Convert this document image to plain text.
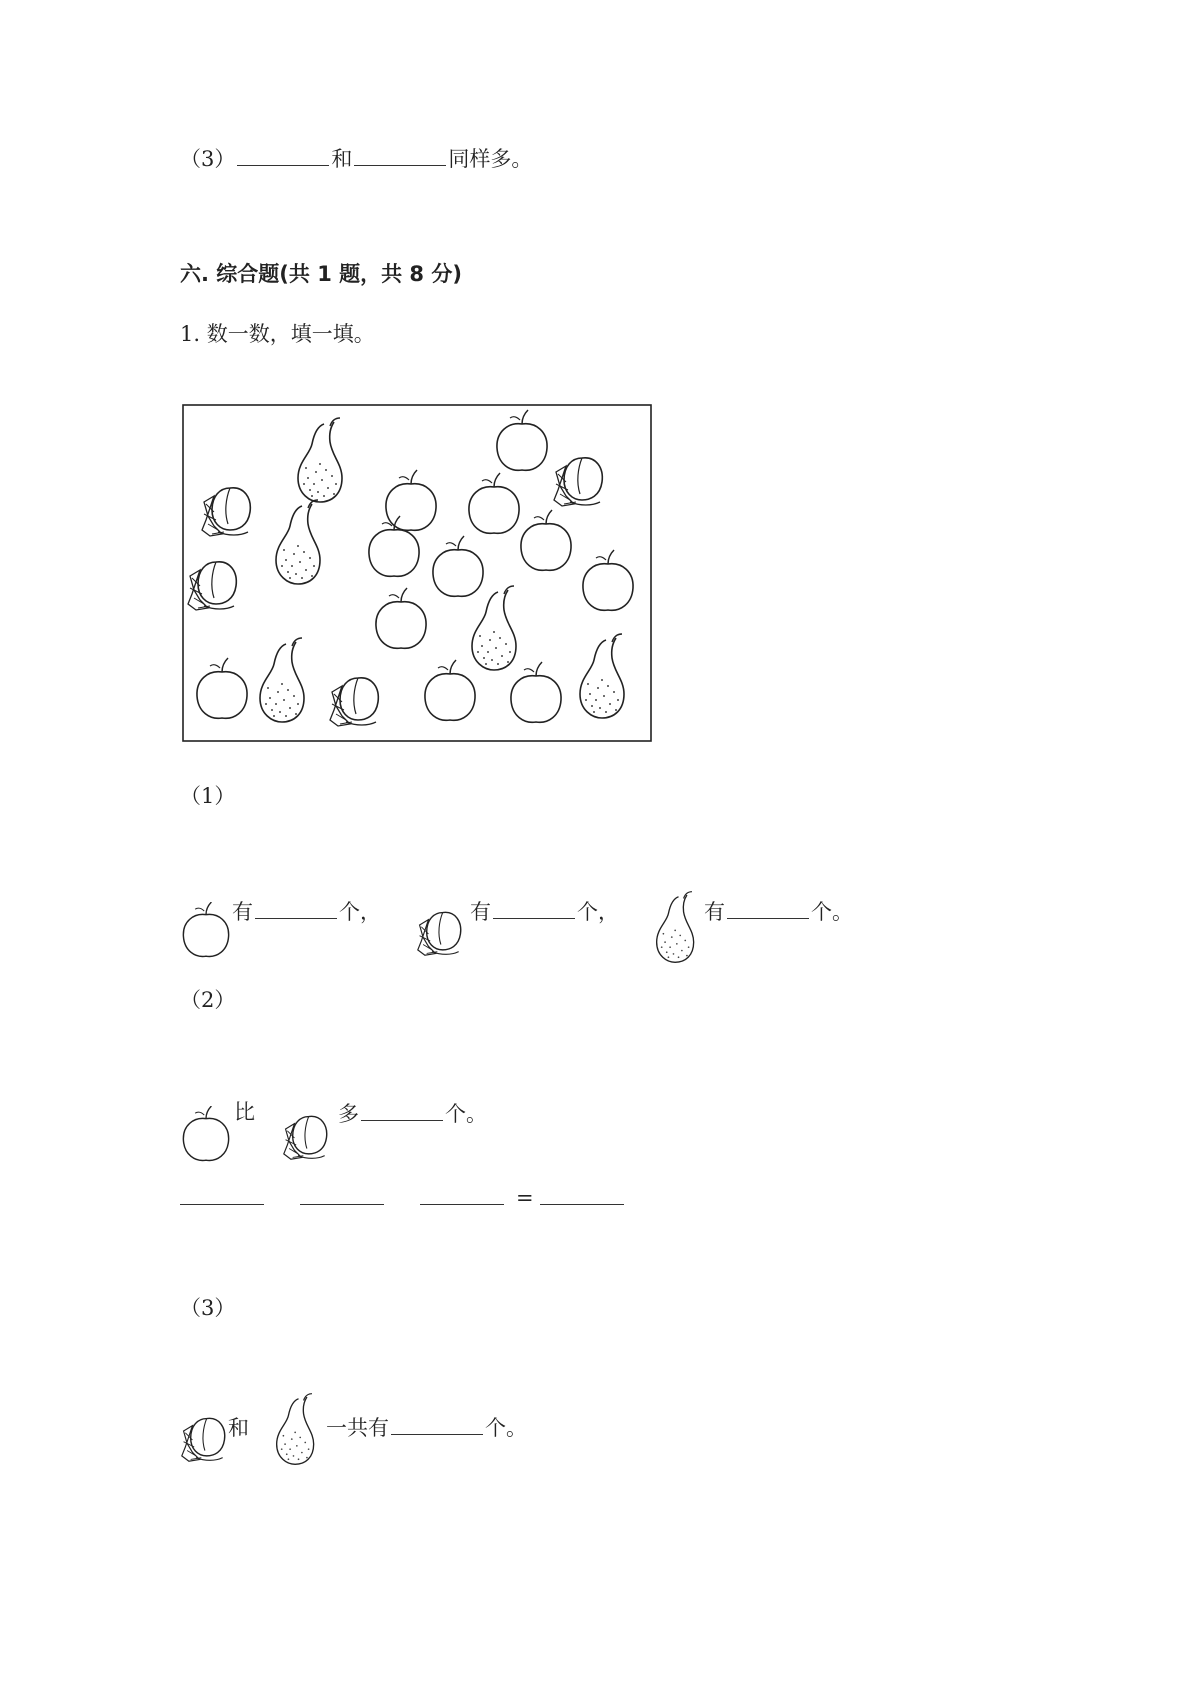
（3）	和	同样多。
六. 综合题(共 1 题，共 8 分)
1. 数一数，填一填。
（1）
有	个，	有	个，	有	个。
（2）
比	多	个。
=
（3）
和	一共有	个。
